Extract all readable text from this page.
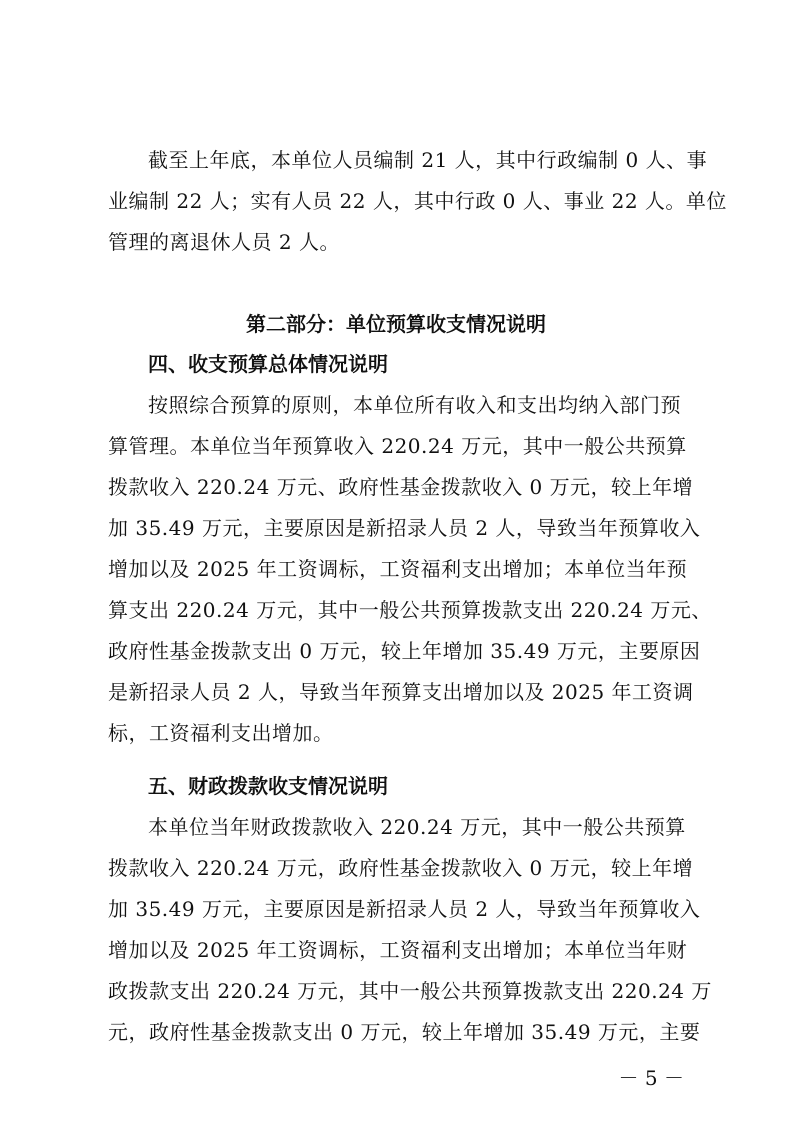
截至上年底，本单位人员编制 21 人，其中行政编制 0 人、事
业编制 22 人；实有人员 22 人，其中行政 0 人、事业 22 人。单位
管理的离退休人员 2 人。
第二部分：单位预算收支情况说明
四、收支预算总体情况说明
按照综合预算的原则，本单位所有收入和支出均纳入部门预
算管理。本单位当年预算收入 220.24 万元，其中一般公共预算
拨款收入 220.24 万元、政府性基金拨款收入 0 万元，较上年增
加 35.49 万元，主要原因是新招录人员 2 人，导致当年预算收入
增加以及 2025 年工资调标，工资福利支出增加；本单位当年预
算支出 220.24 万元，其中一般公共预算拨款支出 220.24 万元、
政府性基金拨款支出 0 万元，较上年增加 35.49 万元，主要原因
是新招录人员 2 人，导致当年预算支出增加以及 2025 年工资调
标，工资福利支出增加。
五、财政拨款收支情况说明
本单位当年财政拨款收入 220.24 万元，其中一般公共预算
拨款收入 220.24 万元，政府性基金拨款收入 0 万元，较上年增
加 35.49 万元，主要原因是新招录人员 2 人，导致当年预算收入
增加以及 2025 年工资调标，工资福利支出增加；本单位当年财
政拨款支出 220.24 万元，其中一般公共预算拨款支出 220.24 万
元，政府性基金拨款支出 0 万元，较上年增加 35.49 万元，主要
－ 5 －
